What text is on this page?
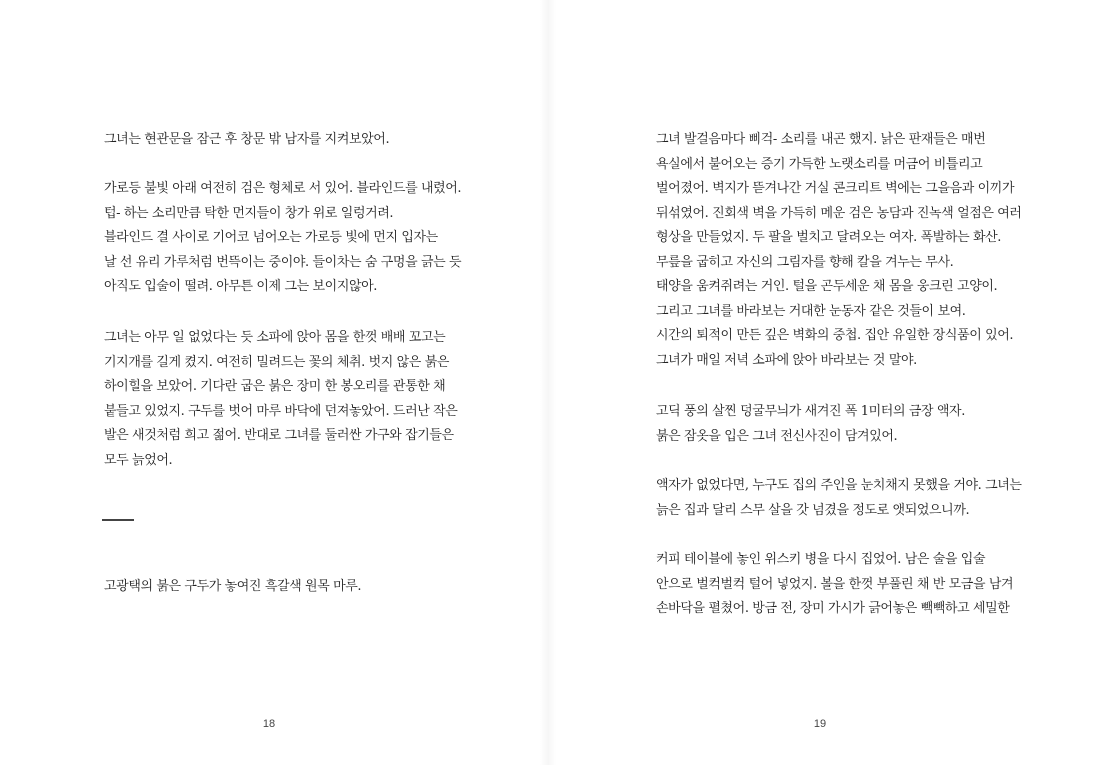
그녀는 현관문을 잠근 후 창문 밖 남자를 지켜보았어.
가로등 불빛 아래 여전히 검은 형체로 서 있어. 블라인드를 내렸어.
텁- 하는 소리만큼 탁한 먼지들이 창가 위로 일렁거려.
블라인드 결 사이로 기어코 넘어오는 가로등 빛에 먼지 입자는
날 선 유리 가루처럼 번뜩이는 중이야. 들이차는 숨 구멍을 긁는 듯
아직도 입술이 떨려. 아무튼 이제 그는 보이지않아.
그녀는 아무 일 없었다는 듯 소파에 앉아 몸을 한껏 배배 꼬고는
기지개를 길게 켰지. 여전히 밀려드는 꽃의 체취. 벗지 않은 붉은
하이힐을 보았어. 기다란 굽은 붉은 장미 한 봉오리를 관통한 채
붙들고 있었지. 구두를 벗어 마루 바닥에 던져놓았어. 드러난 작은
발은 새것처럼 희고 젊어. 반대로 그녀를 둘러싼 가구와 잡기들은
모두 늙었어.
고광택의 붉은 구두가 놓여진 흑갈색 원목 마루.
18
그녀 발걸음마다 삐걱- 소리를 내곤 했지. 낡은 판재들은 매번
욕실에서 불어오는 증기 가득한 노랫소리를 머금어 비틀리고
벌어졌어. 벽지가 뜯겨나간 거실 콘크리트 벽에는 그을음과 이끼가
뒤섞였어. 진회색 벽을 가득히 메운 검은 농담과 진녹색 얼점은 여러
형상을 만들었지. 두 팔을 벌치고 달려오는 여자. 폭발하는 화산.
무릎을 굽히고 자신의 그림자를 향해 칼을 겨누는 무사.
태양을 움켜쥐려는 거인. 털을 곤두세운 채 몸을 웅크린 고양이.
그리고 그녀를 바라보는 거대한 눈동자 같은 것들이 보여.
시간의 퇴적이 만든 깊은 벽화의 중첩. 집안 유일한 장식품이 있어.
그녀가 매일 저녁 소파에 앉아 바라보는 것 말야.
고딕 풍의 살찐 덩굴무늬가 새겨진 폭 1미터의 금장 액자.
붉은 잠옷을 입은 그녀 전신사진이 담겨있어.
액자가 없었다면, 누구도 집의 주인을 눈치채지 못했을 거야. 그녀는
늙은 집과 달리 스무 살을 갓 넘겼을 정도로 앳되었으니까.
커피 테이블에 놓인 위스키 병을 다시 집었어. 남은 술을 입술
안으로 벌컥벌컥 털어 넣었지. 볼을 한껏 부풀린 채 반 모금을 남겨
손바닥을 펼쳤어. 방금 전, 장미 가시가 긁어놓은 빽빽하고 세밀한
19
